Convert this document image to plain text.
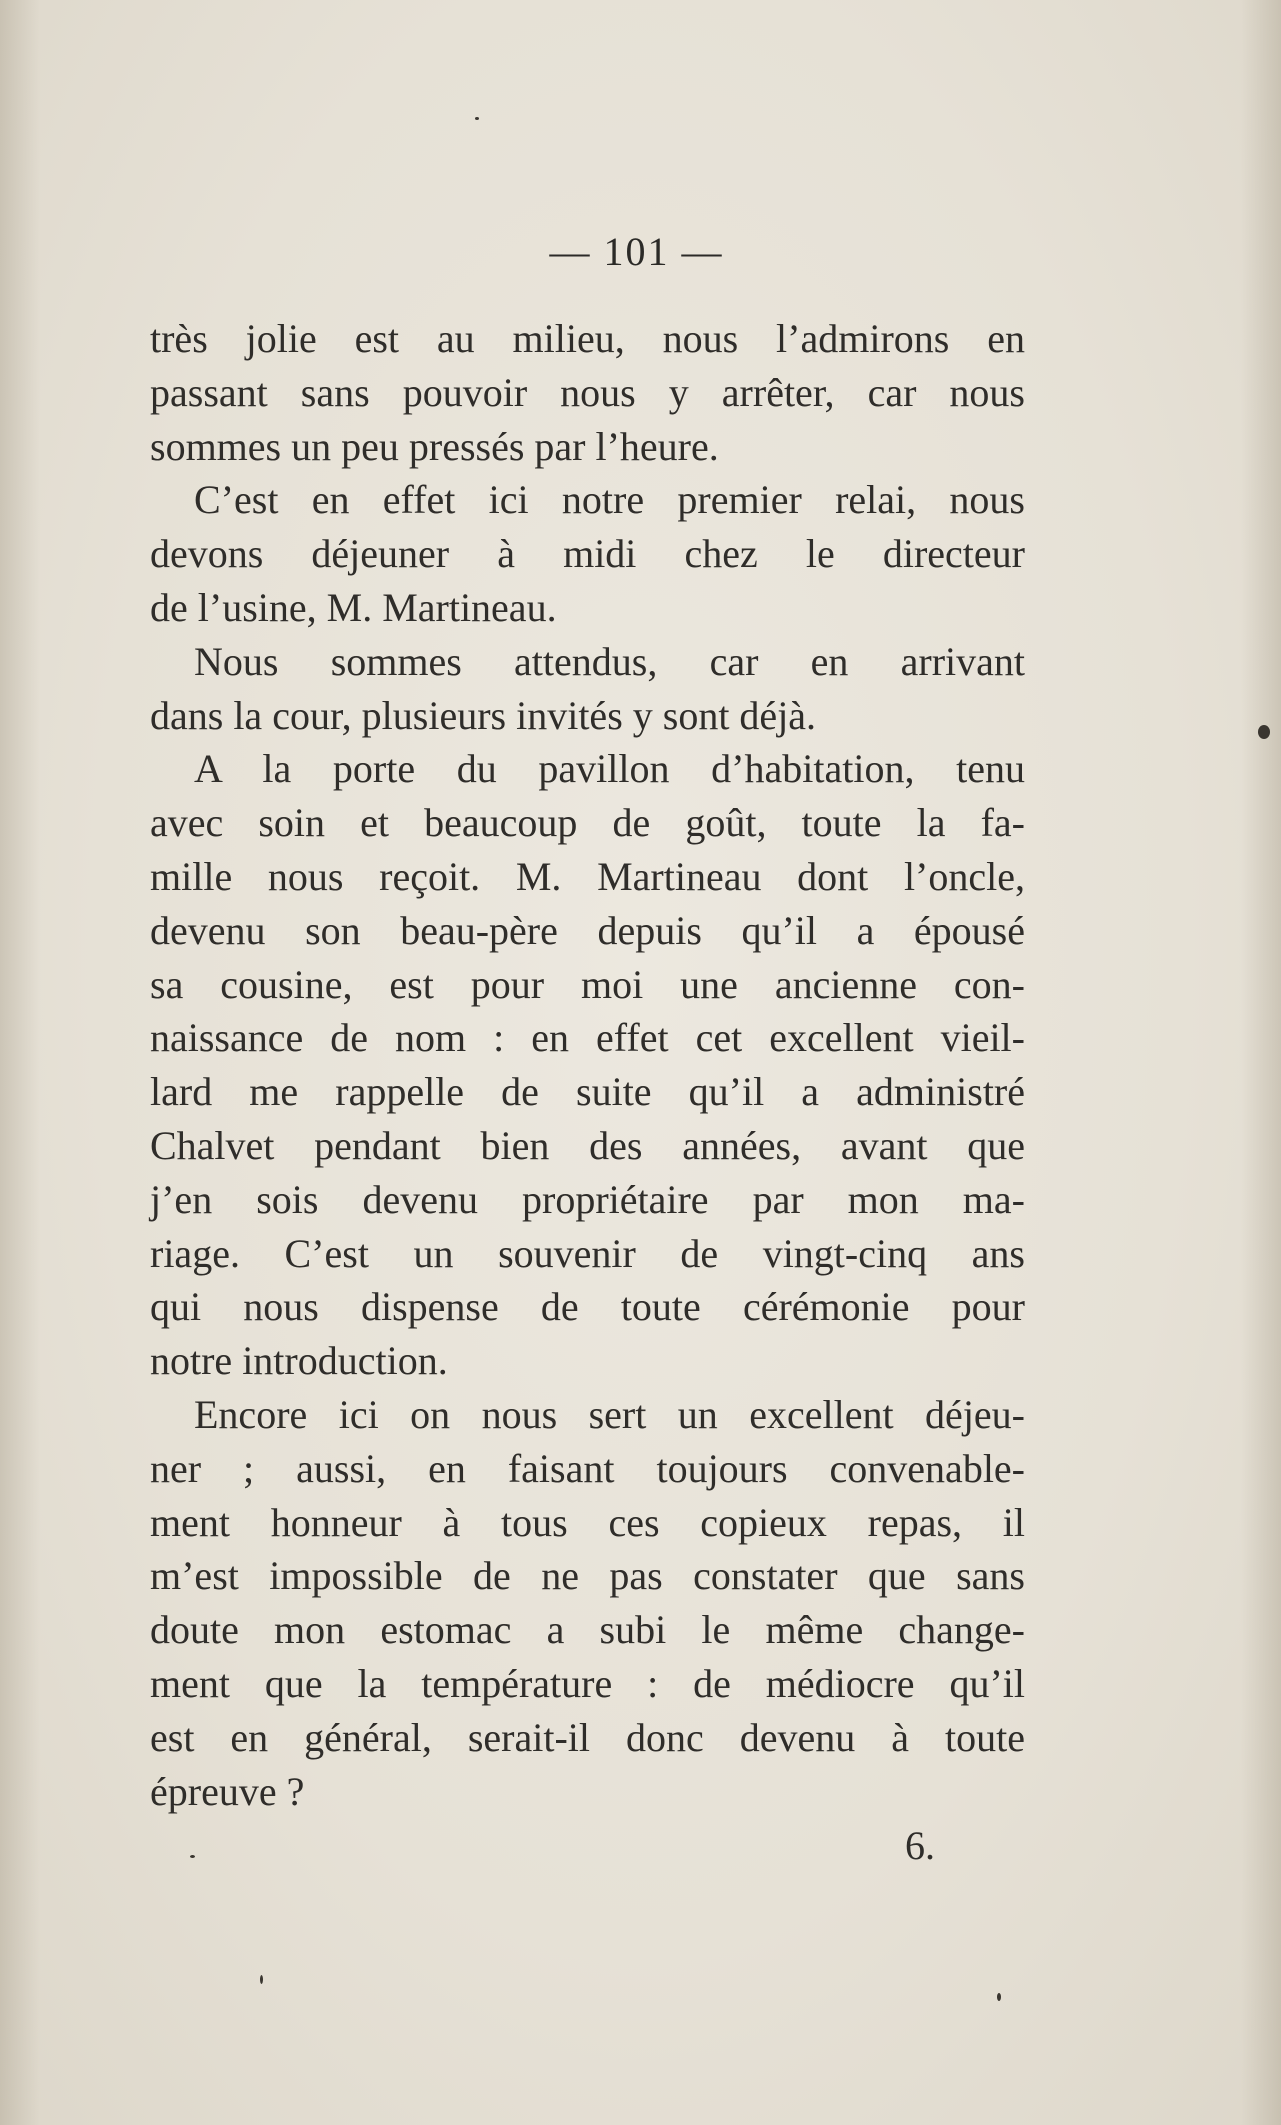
— 101 —
très jolie est au milieu, nous l’admirons en
passant sans pouvoir nous y arrêter, car nous
sommes un peu pressés par l’heure.
C’est en effet ici notre premier relai, nous
devons déjeuner à midi chez le directeur
de l’usine, M. Martineau.
Nous sommes attendus, car en arrivant
dans la cour, plusieurs invités y sont déjà.
A la porte du pavillon d’habitation, tenu
avec soin et beaucoup de goût, toute la fa-
mille nous reçoit. M. Martineau dont l’oncle,
devenu son beau-père depuis qu’il a épousé
sa cousine, est pour moi une ancienne con-
naissance de nom : en effet cet excellent vieil-
lard me rappelle de suite qu’il a administré
Chalvet pendant bien des années, avant que
j’en sois devenu propriétaire par mon ma-
riage. C’est un souvenir de vingt-cinq ans
qui nous dispense de toute cérémonie pour
notre introduction.
Encore ici on nous sert un excellent déjeu-
ner ; aussi, en faisant toujours convenable-
ment honneur à tous ces copieux repas, il
m’est impossible de ne pas constater que sans
doute mon estomac a subi le même change-
ment que la température : de médiocre qu’il
est en général, serait-il donc devenu à toute
épreuve ?
6.
